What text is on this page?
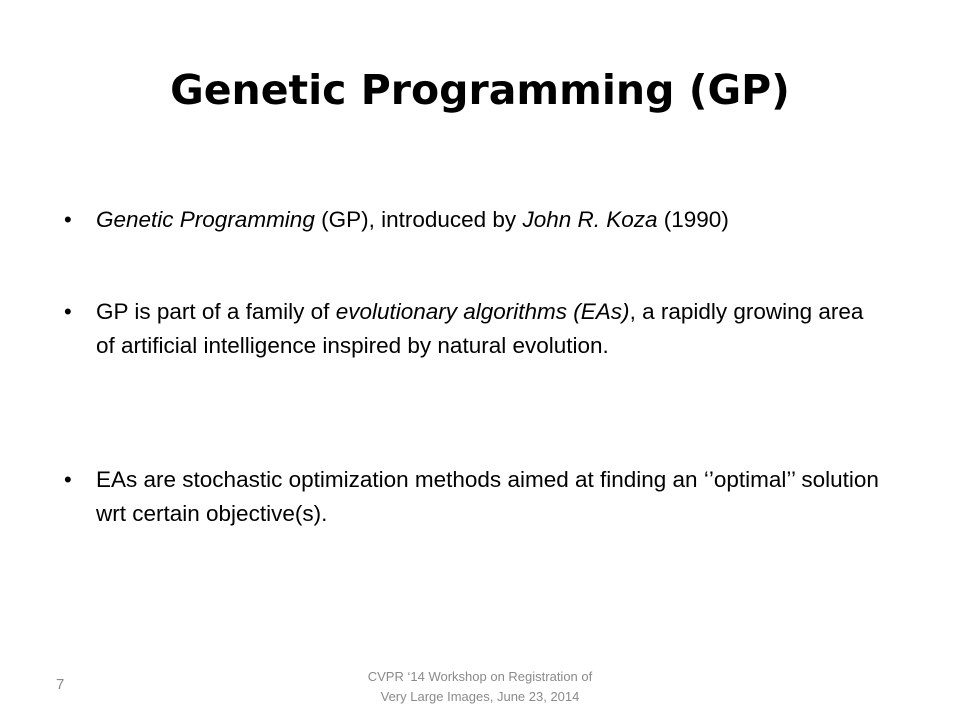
Genetic Programming (GP)
• Genetic Programming (GP), introduced by John R. Koza (1990)
• GP is part of a family of evolutionary algorithms (EAs), a rapidly growing area of artificial intelligence inspired by natural evolution.
• EAs are stochastic optimization methods aimed at finding an ‘’optimal’’ solution wrt certain objective(s).
7	CVPR ‘14 Workshop on Registration of
Very Large Images, June 23, 2014
